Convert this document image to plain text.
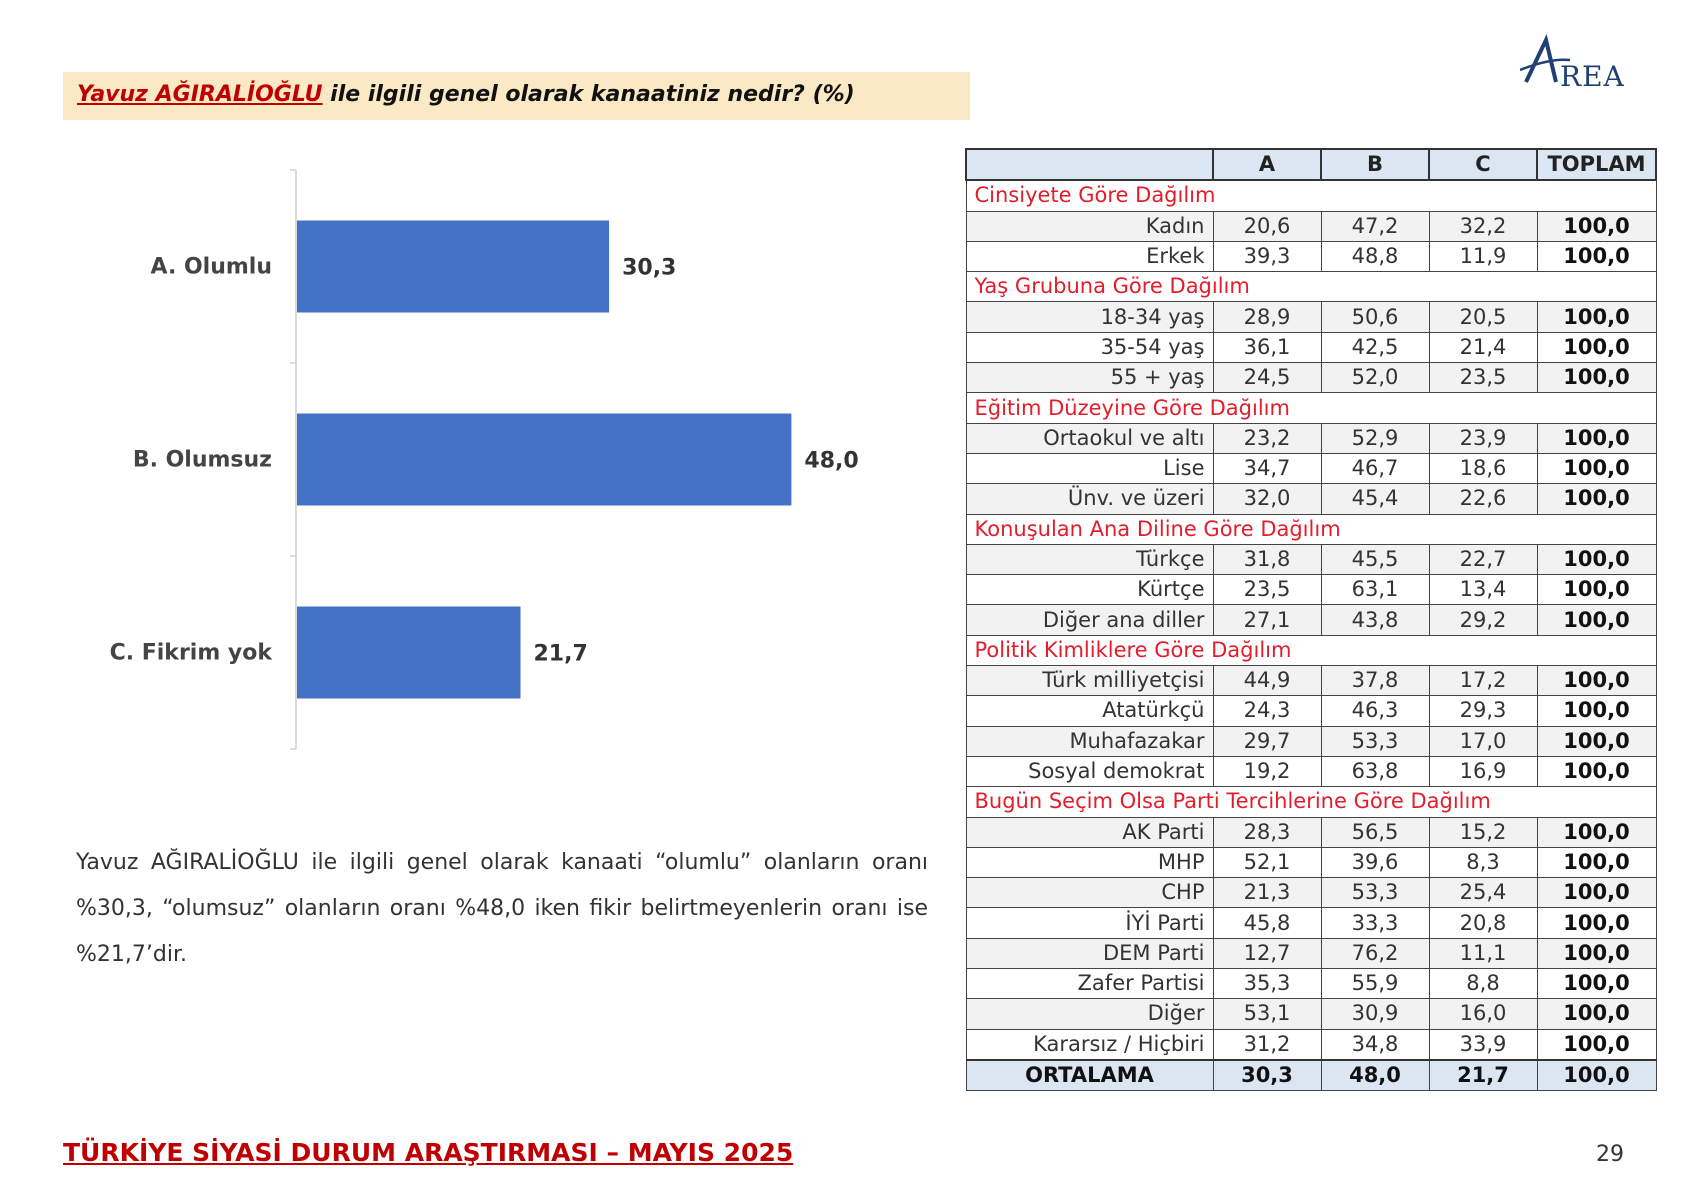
Yavuz AĞIRALİOĞLU ile ilgili genel olarak kanaatiniz nedir? (%)
REA
A. Olumlu	30,3
B. Olumsuz	48,0
C. Fikrim yok	21,7
Yavuz AĞIRALİOĞLU ile ilgili genel olarak kanaati “olumlu” olanların oranı %30,3, “olumsuz” olanların oranı %48,0 iken fikir belirtmeyenlerin oranı ise %21,7’dir.
	A	B	C	TOPLAM
Cinsiyete Göre Dağılım				
Kadın	20,6	47,2	32,2	100,0
Erkek	39,3	48,8	11,9	100,0
Yaş Grubuna Göre Dağılım				
18-34 yaş	28,9	50,6	20,5	100,0
35-54 yaş	36,1	42,5	21,4	100,0
55 + yaş	24,5	52,0	23,5	100,0
Eğitim Düzeyine Göre Dağılım				
Ortaokul ve altı	23,2	52,9	23,9	100,0
Lise	34,7	46,7	18,6	100,0
Ünv. ve üzeri	32,0	45,4	22,6	100,0
Konuşulan Ana Diline Göre Dağılım				
Türkçe	31,8	45,5	22,7	100,0
Kürtçe	23,5	63,1	13,4	100,0
Diğer ana diller	27,1	43,8	29,2	100,0
Politik Kimliklere Göre Dağılım				
Türk milliyetçisi	44,9	37,8	17,2	100,0
Atatürkçü	24,3	46,3	29,3	100,0
Muhafazakar	29,7	53,3	17,0	100,0
Sosyal demokrat	19,2	63,8	16,9	100,0
Bugün Seçim Olsa Parti Tercihlerine Göre Dağılım				
AK Parti	28,3	56,5	15,2	100,0
MHP	52,1	39,6	8,3	100,0
CHP	21,3	53,3	25,4	100,0
İYİ Parti	45,8	33,3	20,8	100,0
DEM Parti	12,7	76,2	11,1	100,0
Zafer Partisi	35,3	55,9	8,8	100,0
Diğer	53,1	30,9	16,0	100,0
Kararsız / Hiçbiri	31,2	34,8	33,9	100,0
ORTALAMA	30,3	48,0	21,7	100,0
TÜRKİYE SİYASİ DURUM ARAŞTIRMASI – MAYIS 2025	29
